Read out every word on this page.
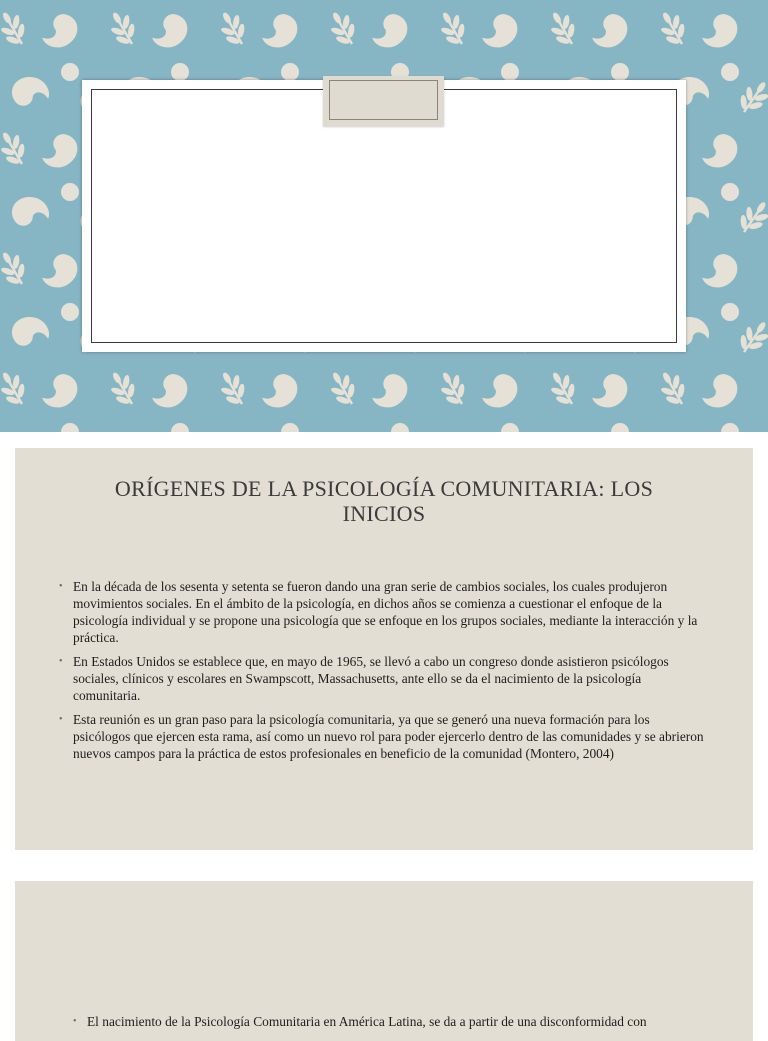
ORÍGENES DE LA PSICOLOGÍA COMUNITARIA: LOS INICIOS
• En la década de los sesenta y setenta se fueron dando una gran serie de cambios sociales, los cuales produjeron movimientos sociales. En el ámbito de la psicología, en dichos años se comienza a cuestionar el enfoque de la psicología individual y se propone una psicología que se enfoque en los grupos sociales, mediante la interacción y la práctica.
• En Estados Unidos se establece que, en mayo de 1965, se llevó a cabo un congreso donde asistieron psicólogos sociales, clínicos y escolares en Swampscott, Massachusetts, ante ello se da el nacimiento de la psicología comunitaria.
• Esta reunión es un gran paso para la psicología comunitaria, ya que se generó una nueva formación para los psicólogos que ejercen esta rama, así como un nuevo rol para poder ejercerlo dentro de las comunidades y se abrieron nuevos campos para la práctica de estos profesionales en beneficio de la comunidad (Montero, 2004)
• El nacimiento de la Psicología Comunitaria en América Latina, se da a partir de una disconformidad con
